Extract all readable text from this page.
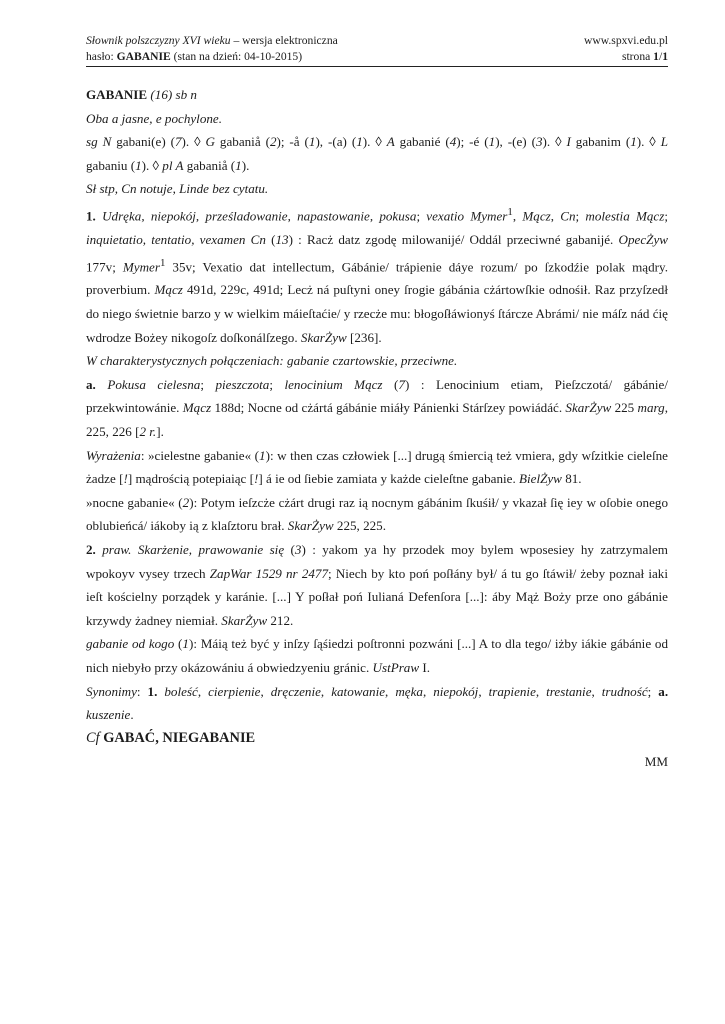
Słownik polszczyzny XVI wieku – wersja elektroniczna	www.spxvi.edu.pl
hasło: GABANIE (stan na dzień: 04-10-2015)	strona 1/1

GABANIE (16) sb n

Oba a jasne, e pochylone.

sg N gabani(e) (7). ◊ G gabaniå (2); -å (1), -(a) (1). ◊ A gabanié (4); -é (1), -(e) (3). ◊ I gabanim (1). ◊ L gabaniu (1). ◊ pl A gabaniå (1).

Sł stp, Cn notuje, Linde bez cytatu.

1. Udręka, niepokój, prześladowanie, napastowanie, pokusa; vexatio Mymer$^1$, Mącz, Cn; molestia Mącz; inquietatio, tentatio, vexamen Cn (13) : Racż datz zgodę milowanijé/ Oddál przeciwné gabanijé. OpecŻyw 177v; Mymer$^1$ 35v; Vexatio dat intellectum, Gábánie/ trápienie dáye rozum/ po ſzkodźie polak mądry. proverbium. Mącz 491d, 229c, 491d; Lecż ná puſtyni oney ſrogie gábánia cżártowſkie odnośił. Raz przyſzedł do niego świetnie barzo y w wielkim máieſtaćie/ y rzecże mu: błogoſłáwionyś ſtárcze Abrámi/ nie máſz nád ćię wdrodze Bożey nikogoſz doſkonálſzego. SkarŻyw [236].

W charakterystycznych połączeniach: gabanie czartowskie, przeciwne.

a. Pokusa cielesna; pieszczota; lenocinium Mącz (7) : Lenocinium etiam, Pieſzczotá/ gábánie/ przekwintowánie. Mącz 188d; Nocne od cżártá gábánie miáły Pánienki Stárſzey powiádáć. SkarŻyw 225 marg, 225, 226 [2 r.].

Wyrażenia: »cielestne gabanie« (1): w then czas człowiek [...] drugą śmiercią też vmiera, gdy wſzitkie cieleſne żadze [!] mądrością potepiaiąc [!] á ie od ſiebie zamiata y każde cieleſtne gabanie. BielŻyw 81.

»nocne gabanie« (2): Potym ieſzcże cżárt drugi raz ią nocnym gábánim ſkuśił/ y vkazał ſię iey w oſobie onego oblubieńcá/ iákoby ią z klaſztoru brał. SkarŻyw 225, 225.

2. praw. Skarżenie, prawowanie się (3) : yakom ya hy przodek moy bylem wposesiey hy zatrzymalem wpokoyv vysey trzech ZapWar 1529 nr 2477; Niech by kto poń poſłány był/ á tu go ſtáwił/ żeby poznał iaki ieſt kościelny porządek y karánie. [...] Y poſłał poń Iulianá Defenſora [...]: áby Mąż Boży prze ono gábánie krzywdy żadney niemiał. SkarŻyw 212.

gabanie od kogo (1): Máią też być y inſzy ſąśiedzi poſtronni pozwáni [...] A to dla tego/ iżby iákie gábánie od nich niebyło przy okázowániu á obwiedzyeniu gránic. UstPraw I.

Synonimy: 1. boleść, cierpienie, dręczenie, katowanie, męka, niepokój, trapienie, trestanie, trudność; a. kuszenie.

Cf GABAĆ, NIEGABANIE

MM
